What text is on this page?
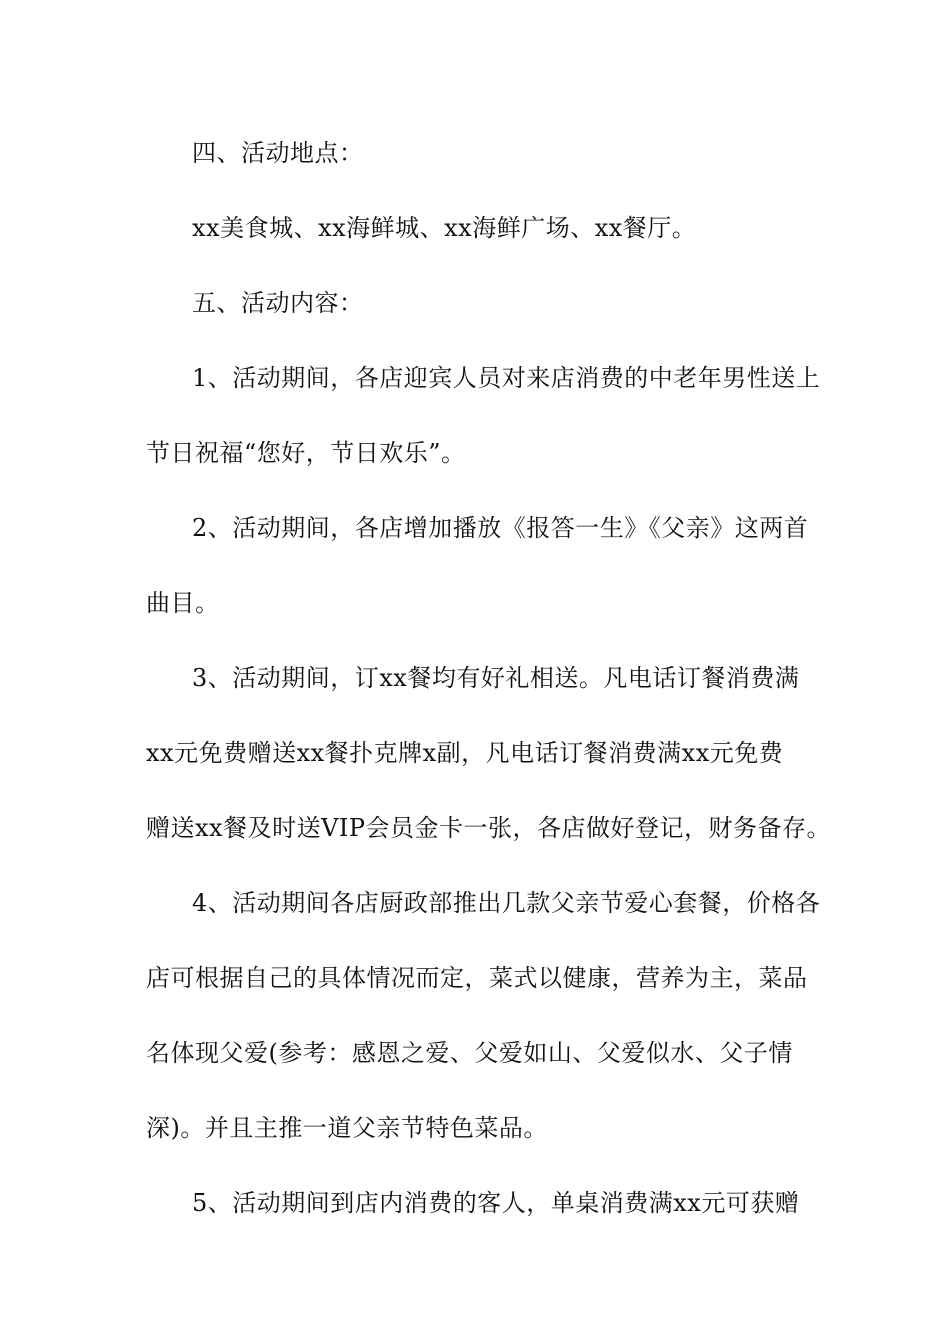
四、活动地点：
xx美食城、xx海鲜城、xx海鲜广场、xx餐厅。
五、活动内容：
1、活动期间，各店迎宾人员对来店消费的中老年男性送上
节日祝福“您好，节日欢乐”。
2、活动期间，各店增加播放《报答一生》《父亲》这两首
曲目。
3、活动期间，订xx餐均有好礼相送。凡电话订餐消费满
xx元免费赠送xx餐扑克牌x副，凡电话订餐消费满xx元免费
赠送xx餐及时送VIP会员金卡一张，各店做好登记，财务备存。
4、活动期间各店厨政部推出几款父亲节爱心套餐，价格各
店可根据自己的具体情况而定，菜式以健康，营养为主，菜品
名体现父爱(参考：感恩之爱、父爱如山、父爱似水、父子情
深)。并且主推一道父亲节特色菜品。
5、活动期间到店内消费的客人，单桌消费满xx元可获赠
